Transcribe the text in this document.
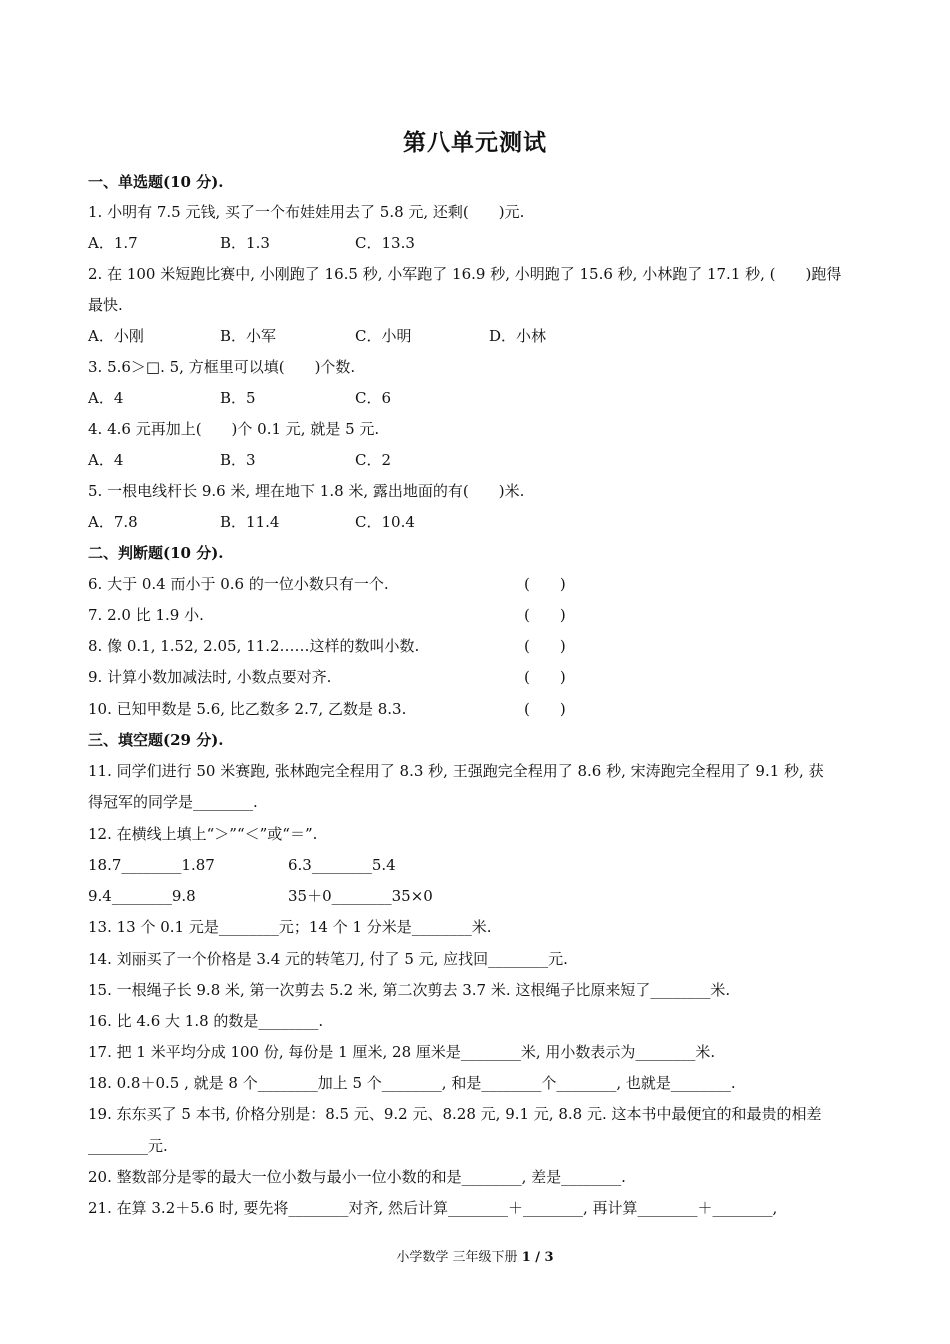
第八单元测试
一、单选题(10 分).
1. 小明有 7.5 元钱, 买了一个布娃娃用去了 5.8 元, 还剩(　　)元.
A．1.7	B．1.3	C．13.3
2. 在 100 米短跑比赛中, 小刚跑了 16.5 秒, 小军跑了 16.9 秒, 小明跑了 15.6 秒, 小林跑了 17.1 秒, (　　)跑得
最快.
A．小刚	B．小军	C．小明	D．小林
3. 5.6＞□. 5, 方框里可以填(　　)个数.
A．4	B．5	C．6
4. 4.6 元再加上(　　)个 0.1 元, 就是 5 元.
A．4	B．3	C．2
5. 一根电线杆长 9.6 米, 埋在地下 1.8 米, 露出地面的有(　　)米.
A．7.8	B．11.4	C．10.4
二、判断题(10 分).
6. 大于 0.4 而小于 0.6 的一位小数只有一个.	(　　)
7. 2.0 比 1.9 小.	(　　)
8. 像 0.1, 1.52, 2.05, 11.2……这样的数叫小数.	(　　)
9. 计算小数加减法时, 小数点要对齐.	(　　)
10. 已知甲数是 5.6, 比乙数多 2.7, 乙数是 8.3.	(　　)
三、填空题(29 分).
11. 同学们进行 50 米赛跑, 张林跑完全程用了 8.3 秒, 王强跑完全程用了 8.6 秒, 宋涛跑完全程用了 9.1 秒, 获
得冠军的同学是________.
12. 在横线上填上“＞”“＜”或“＝”.
18.7________1.87	6.3________5.4
9.4________9.8	35＋0________35×0
13. 13 个 0.1 元是________元；14 个 1 分米是________米.
14. 刘丽买了一个价格是 3.4 元的转笔刀, 付了 5 元, 应找回________元.
15. 一根绳子长 9.8 米, 第一次剪去 5.2 米, 第二次剪去 3.7 米. 这根绳子比原来短了________米.
16. 比 4.6 大 1.8 的数是________.
17. 把 1 米平均分成 100 份, 每份是 1 厘米, 28 厘米是________米, 用小数表示为________米.
18. 0.8＋0.5 , 就是 8 个________加上 5 个________, 和是________个________, 也就是________.
19. 东东买了 5 本书, 价格分别是：8.5 元、9.2 元、8.28 元, 9.1 元, 8.8 元. 这本书中最便宜的和最贵的相差
________元.
20. 整数部分是零的最大一位小数与最小一位小数的和是________, 差是________.
21. 在算 3.2＋5.6 时, 要先将________对齐, 然后计算________＋________, 再计算________＋________,
小学数学 三年级下册 1 / 3
